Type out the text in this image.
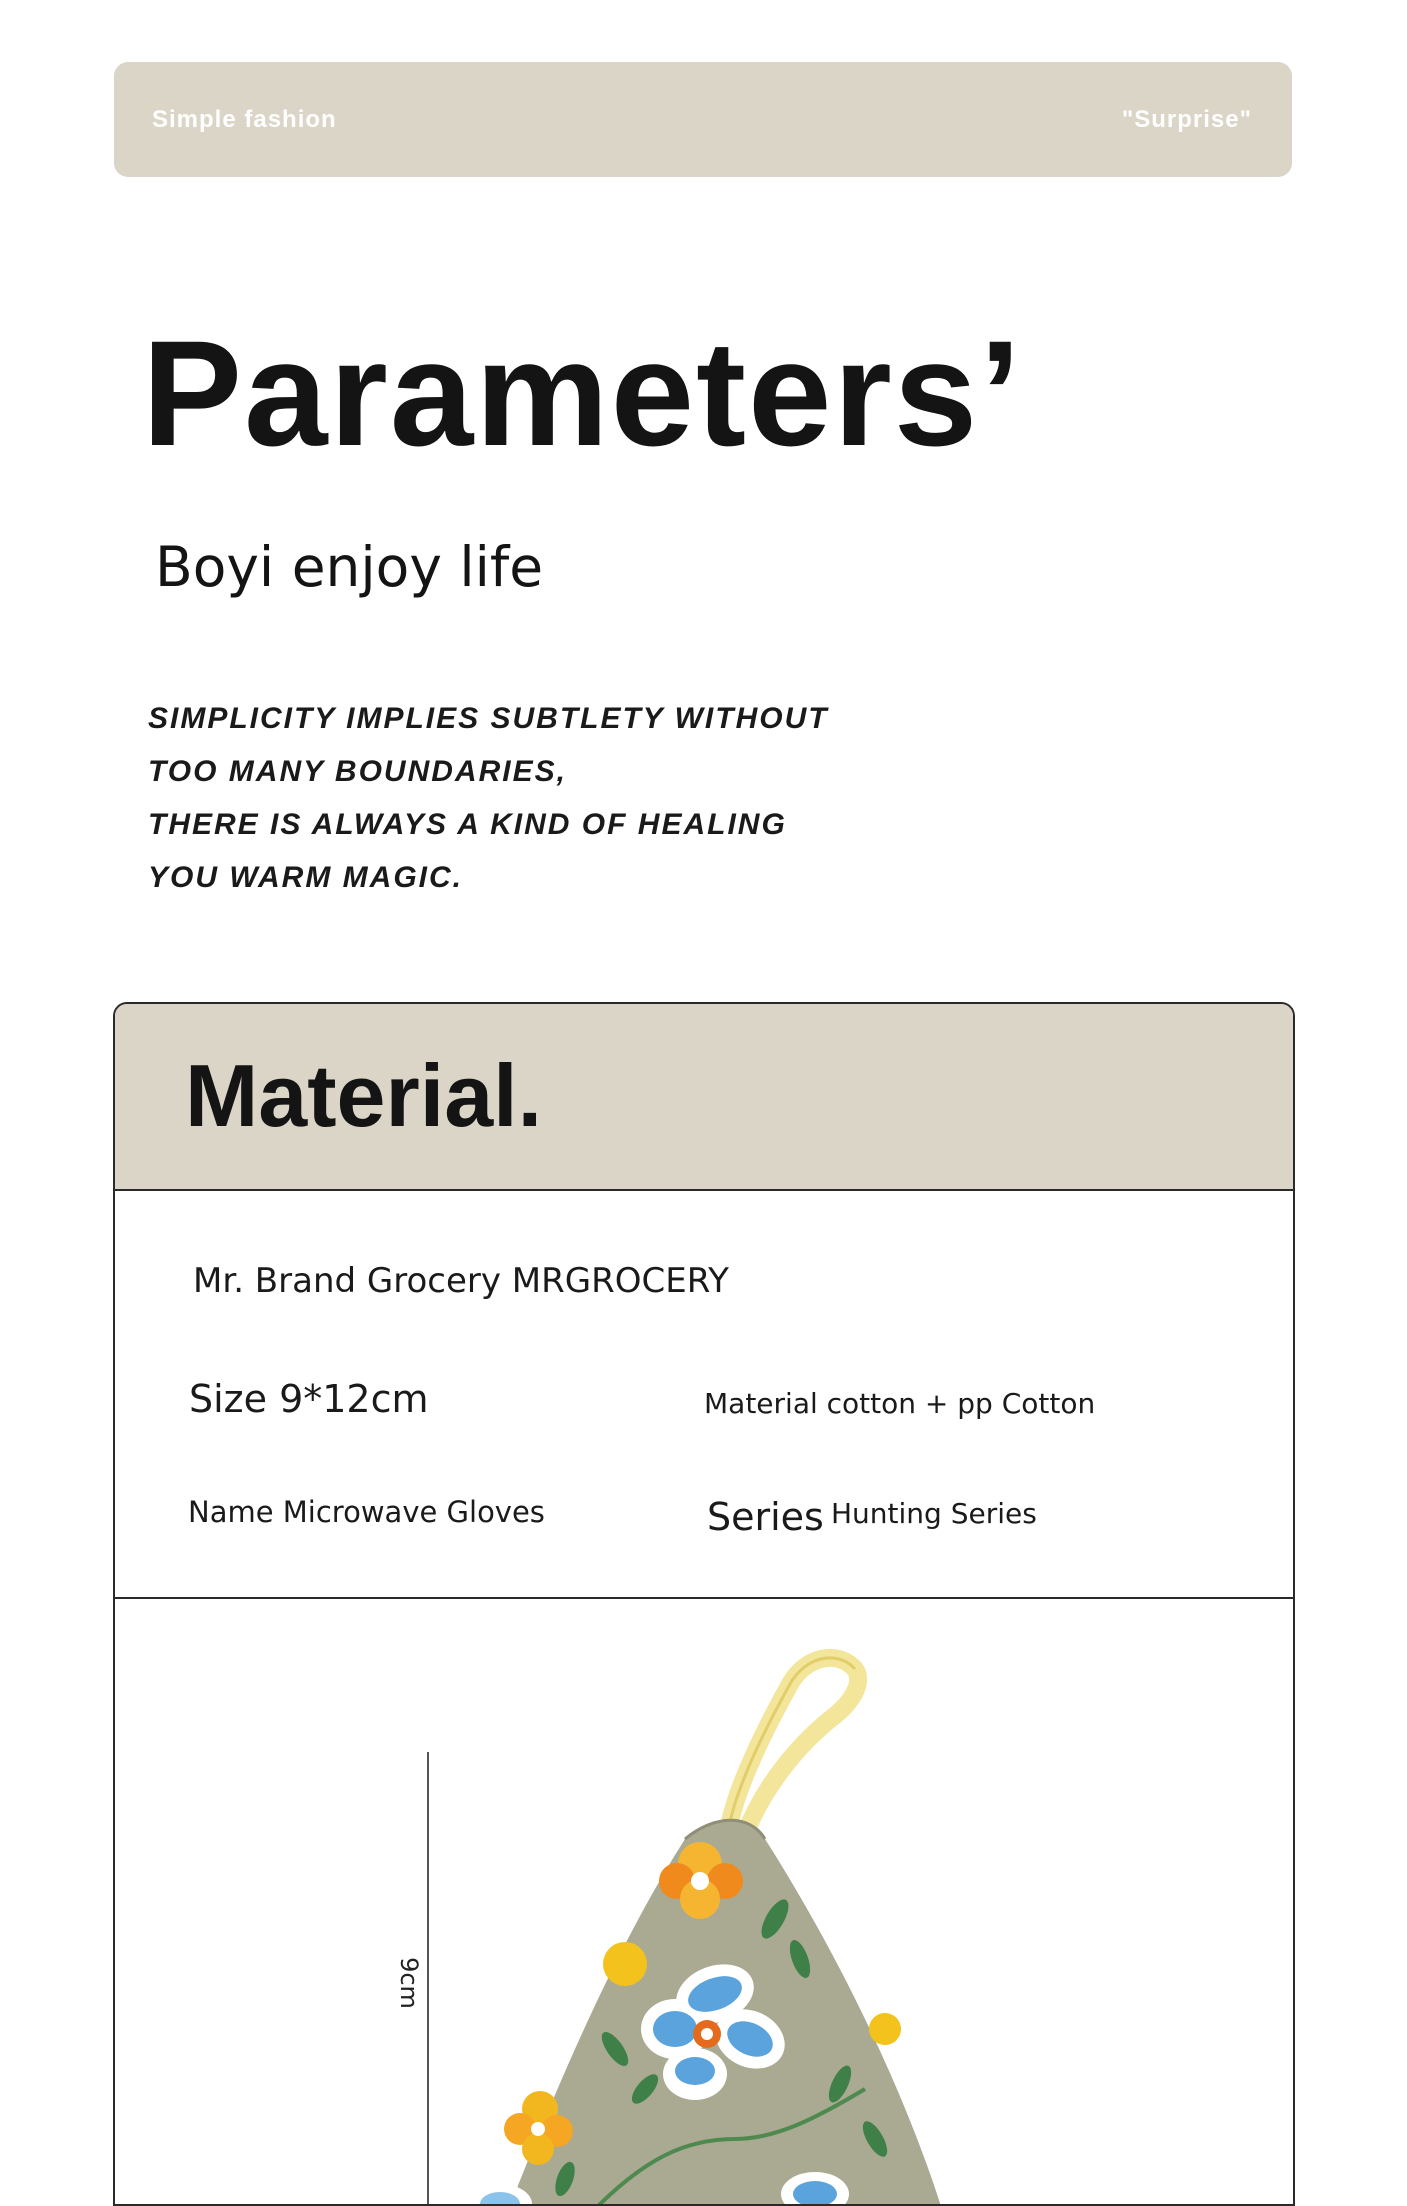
Simple fashion	"Surprise"
Parameters’
Boyi enjoy life
SIMPLICITY IMPLIES SUBTLETY WITHOUT
TOO MANY BOUNDARIES,
THERE IS ALWAYS A KIND OF HEALING
YOU WARM MAGIC.
Material.
Mr. Brand Grocery MRGROCERY
Size 9*12cm	Material cotton + pp Cotton
Name Microwave Gloves	Series Hunting Series
9cm
